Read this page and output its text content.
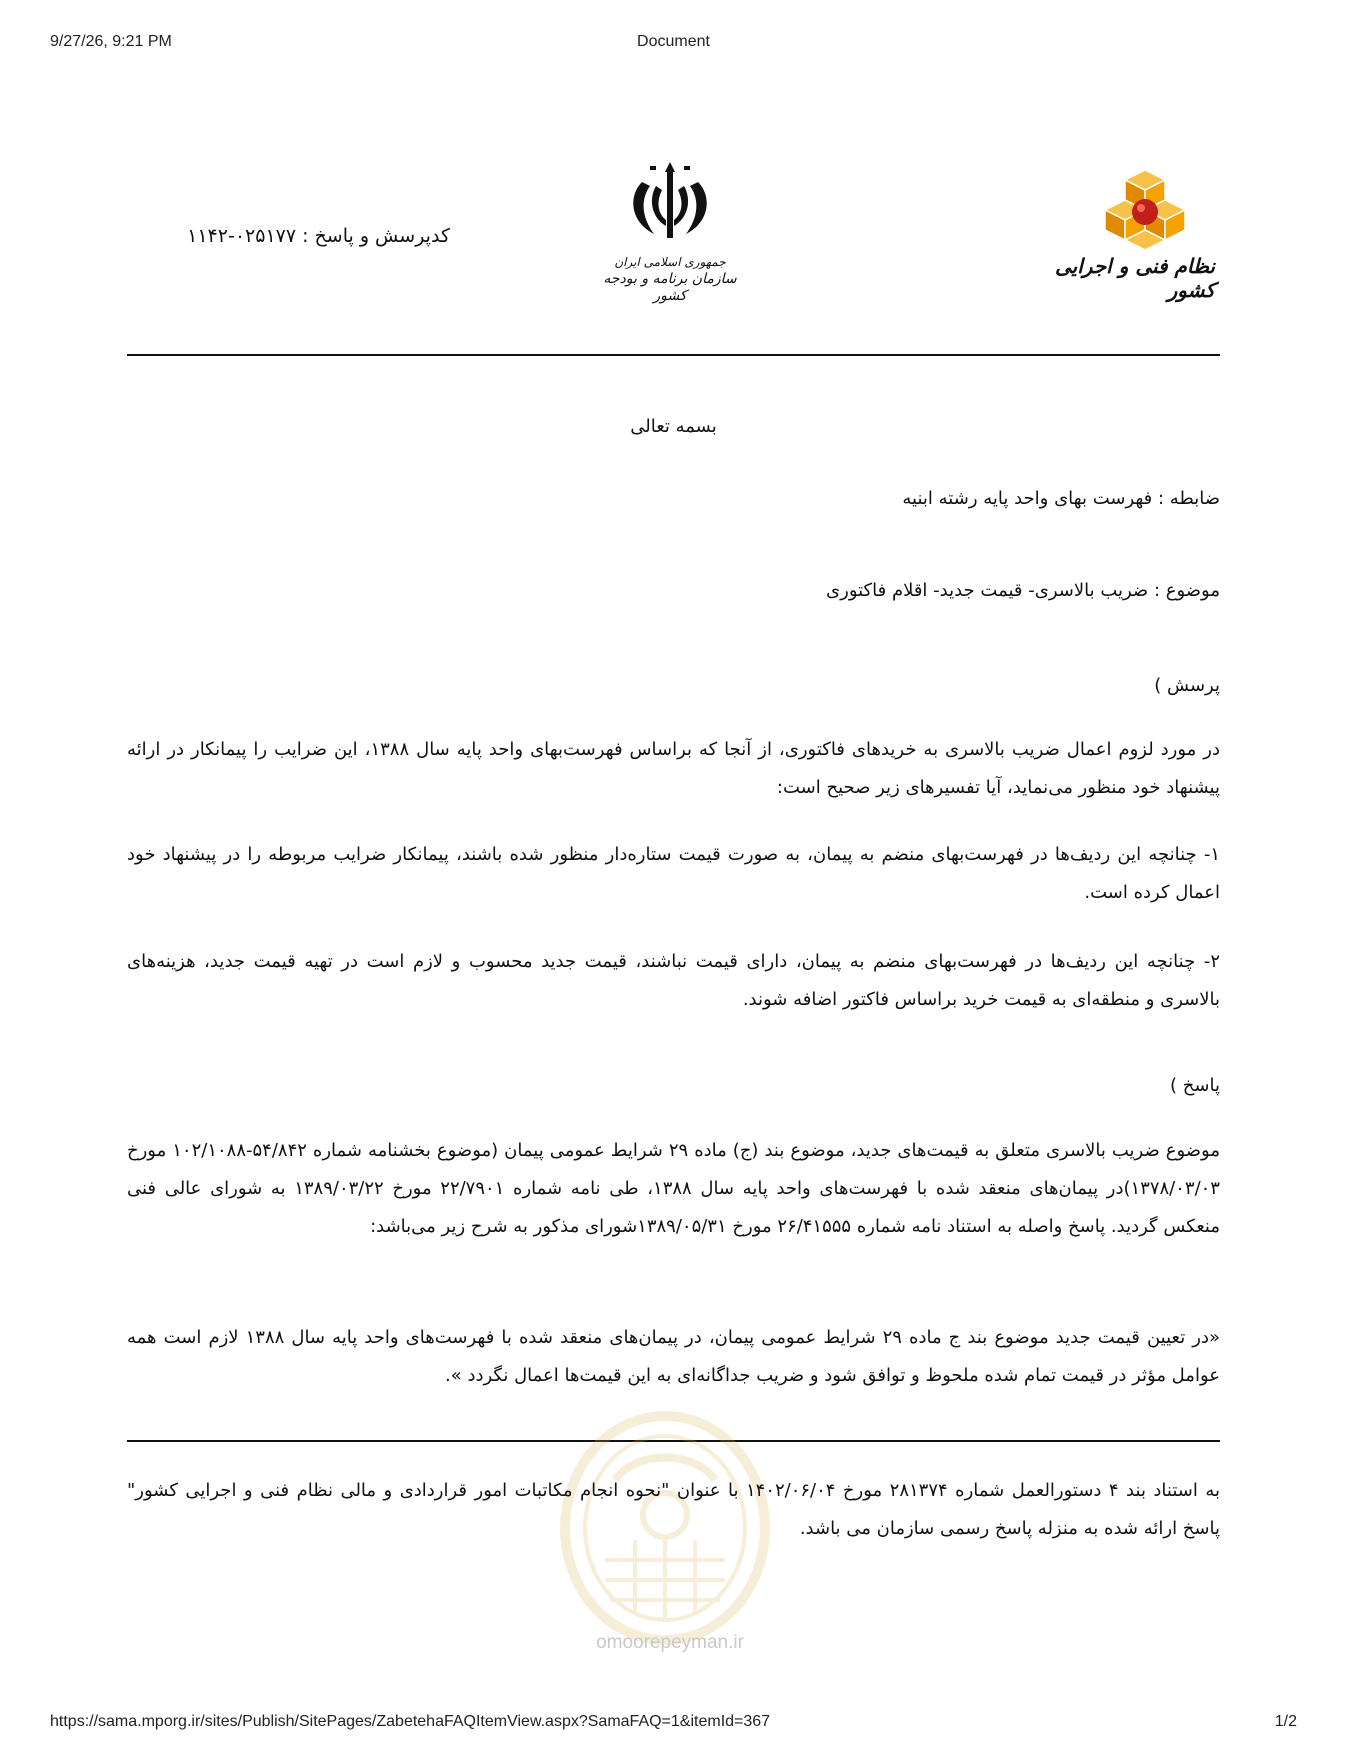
9/27/26, 9:21 PM	Document
نظام فنی و اجرایی کشور
جمهوری اسلامی ایران
سازمان برنامه و بودجه کشور
کدپرسش و پاسخ : ۰۲۵۱۷۷-۱۱۴۲
بسمه تعالی
ضابطه : فهرست بهای واحد پایه رشته ابنیه
موضوع : ضریب بالاسری- قیمت جدید- اقلام فاکتوری
پرسش )
در مورد لزوم اعمال ضریب بالاسری به خریدهای فاکتوری، از آنجا که براساس فهرست‌بهای واحد پایه سال ۱۳۸۸، این ضرایب را پیمانکار در ارائه پیشنهاد خود منظور می‌نماید، آیا تفسیرهای زیر صحیح است:
۱- چنانچه این ردیف‌ها در فهرست‌بهای منضم به پیمان، به صورت قیمت ستاره‌دار منظور شده باشند، پیمانکار ضرایب مربوطه را در پیشنهاد خود اعمال کرده است.
۲- چنانچه این ردیف‌ها در فهرست‌بهای منضم به پیمان، دارای قیمت نباشند، قیمت جدید محسوب و لازم است در تهیه قیمت جدید، هزینه‌های بالاسری و منطقه‌ای به قیمت خرید براساس فاکتور اضافه شوند.
پاسخ )
موضوع ضریب بالاسری متعلق به قیمت‌های جدید، موضوع بند (ج) ماده ۲۹ شرایط عمومی پیمان (موضوع بخشنامه شماره ۵۴/۸۴۲-۱۰۲/۱۰۸۸ مورخ ۱۳۷۸/۰۳/۰۳)در پیمان‌های منعقد شده با فهرست‌های واحد پایه سال ۱۳۸۸، طی نامه شماره ۲۲/۷۹۰۱ مورخ ۱۳۸۹/۰۳/۲۲ به شورای عالی فنی منعکس گردید. پاسخ واصله به استناد نامه شماره ۲۶/۴۱۵۵۵ مورخ ۱۳۸۹/۰۵/۳۱شورای مذکور به شرح زیر می‌باشد:
«در تعیین قیمت جدید موضوع بند ج ماده ۲۹ شرایط عمومی پیمان، در پیمان‌های منعقد شده با فهرست‌های واحد پایه سال ۱۳۸۸ لازم است همه عوامل مؤثر در قیمت تمام شده ملحوظ و توافق شود و ضریب جداگانه‌ای به این قیمت‌ها اعمال نگردد ».
به استناد بند ۴ دستورالعمل شماره ۲۸۱۳۷۴ مورخ ۱۴۰۲/۰۶/۰۴ با عنوان "نحوه انجام مکاتبات امور قراردادی و مالی نظام فنی و اجرایی کشور" پاسخ ارائه شده به منزله پاسخ رسمی سازمان می باشد.
omoorepeyman.ir
https://sama.mporg.ir/sites/Publish/SitePages/ZabetehaFAQItemView.aspx?SamaFAQ=1&itemId=367	1/2
